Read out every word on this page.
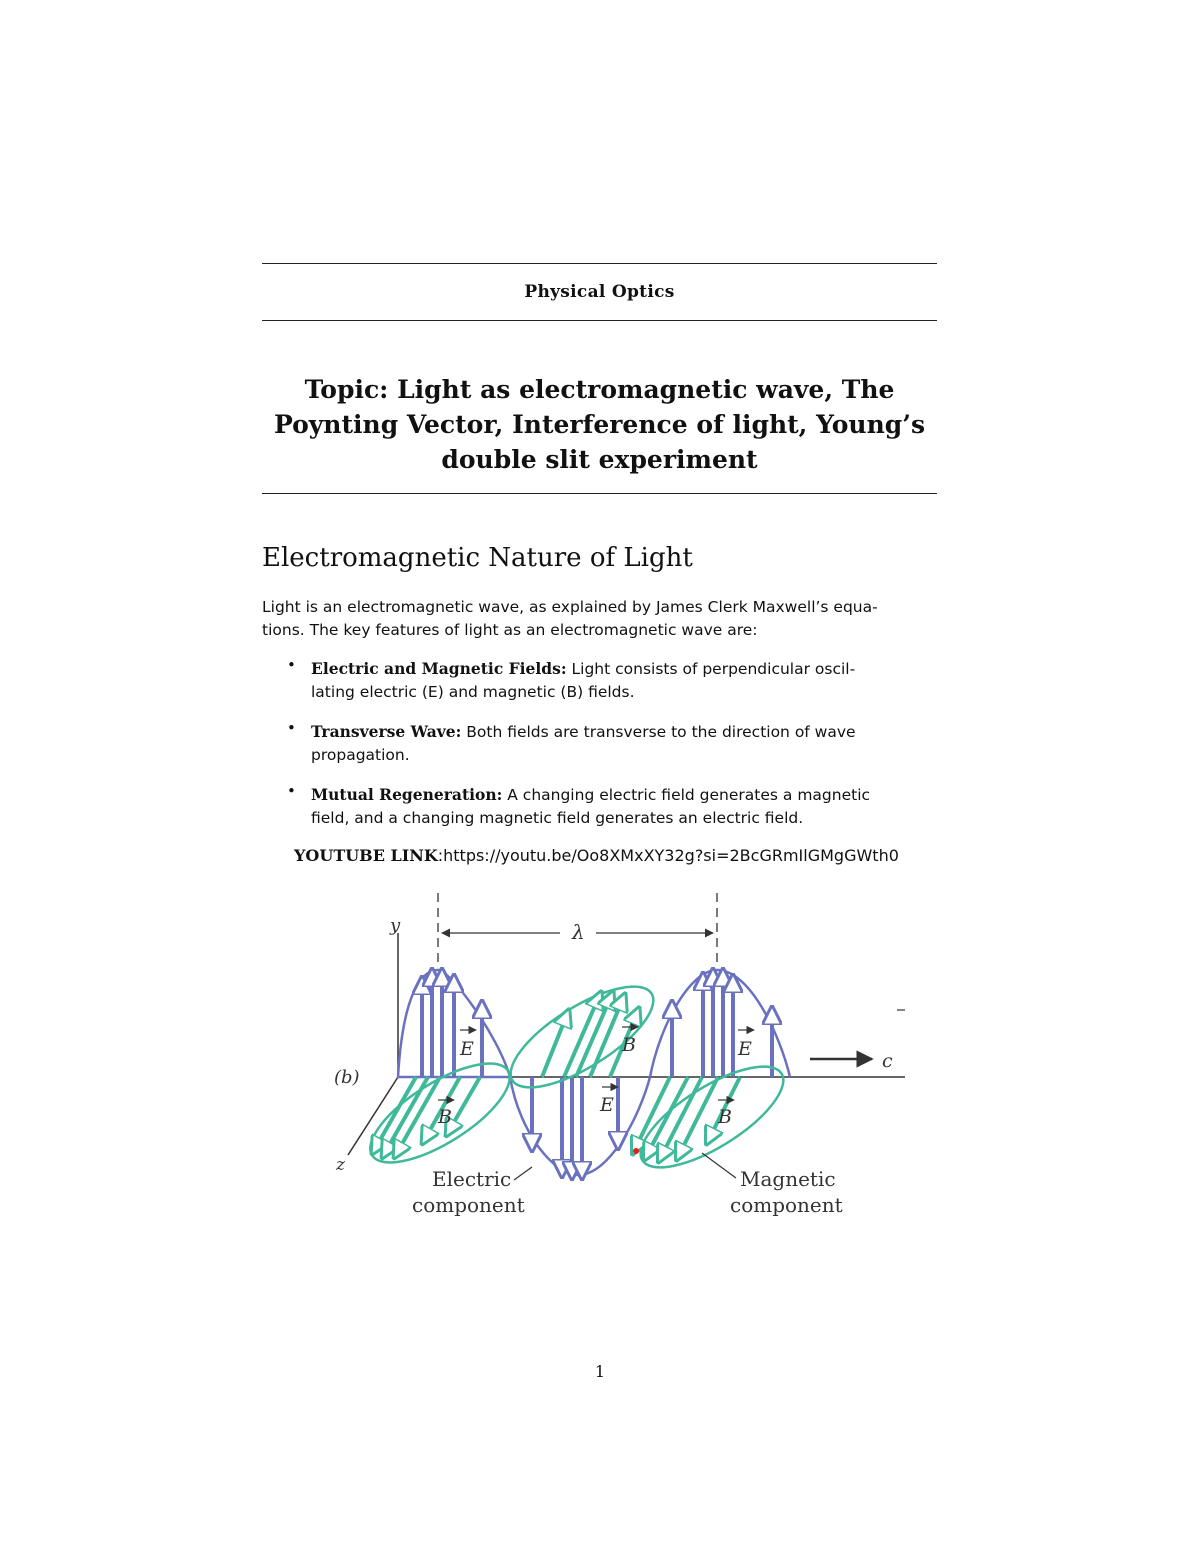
Physical Optics
Topic: Light as electromagnetic wave, The
Poynting Vector, Interference of light, Young’s
double slit experiment
Electromagnetic Nature of Light
Light is an electromagnetic wave, as explained by James Clerk Maxwell’s equa-
tions. The key features of light as an electromagnetic wave are:
• Electric and Magnetic Fields: Light consists of perpendicular oscil-
lating electric (E) and magnetic (B) fields.
• Transverse Wave: Both fields are transverse to the direction of wave
propagation.
• Mutual Regeneration: A changing electric field generates a magnetic
field, and a changing magnetic field generates an electric field.
YOUTUBE LINK:https://youtu.be/Oo8XMxXY32g?si=2BcGRmIlGMgGWth0
y
z
(b)
λ
c
E	B	E
B
E
B
Electric
component
Magnetic
component
1
